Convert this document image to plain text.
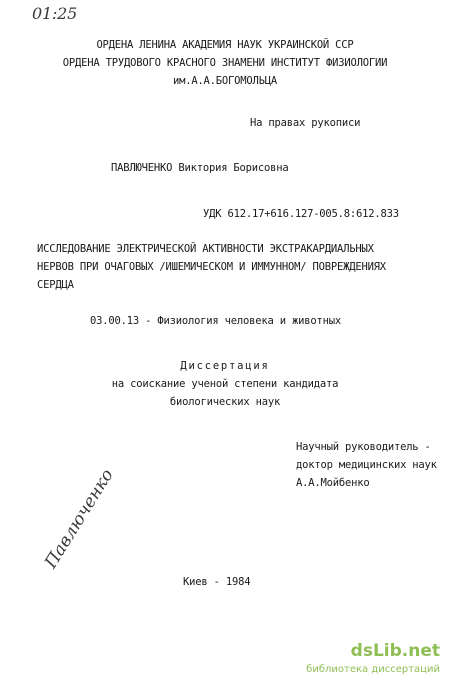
01:25
ОРДЕНА ЛЕНИНА АКАДЕМИЯ НАУК УКРАИНСКОЙ ССР
ОРДЕНА ТРУДОВОГО КРАСНОГО ЗНАМЕНИ ИНСТИТУТ ФИЗИОЛОГИИ
им.А.А.БОГОМОЛЬЦА
На правах рукописи
ПАВЛЮЧЕНКО Виктория Борисовна
УДК 612.17+616.127-005.8:612.833
ИССЛЕДОВАНИЕ ЭЛЕКТРИЧЕСКОЙ АКТИВНОСТИ ЭКСТРАКАРДИАЛЬНЫХ
НЕРВОВ ПРИ ОЧАГОВЫХ /ИШЕМИЧЕСКОМ И ИММУННОМ/ ПОВРЕЖДЕНИЯХ
СЕРДЦА
03.00.13 - Физиология человека и животных
Диссертация
на соискание ученой степени кандидата
биологических наук
Научный руководитель -
доктор медицинских наук
А.А.Мойбенко
Павлюченко
Киев - 1984
dsLib.net
библиотека диссертаций
